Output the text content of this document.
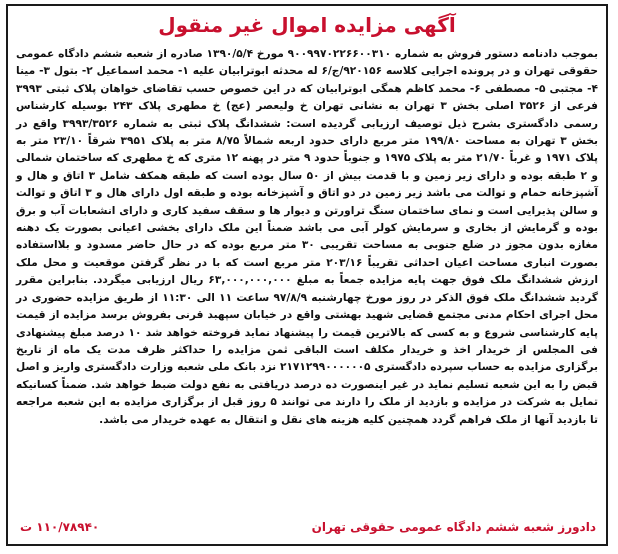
آگهی مزایده اموال غیر منقول
بموجب دادنامه دستور فروش به شماره ۹۰۰۹۹۷۰۲۲۶۶۰۰۳۱۰ مورخ ۱۳۹۰/۵/۴ صادره از شعبه ششم دادگاه عمومی حقوقی تهران و در پرونده اجرایی کلاسه ۹۲۰۱۵۶/ج/۶ له محدثه ابوترابیان علیه ۱- محمد اسماعیل ۲- بتول ۳- مینا ۴- مجتبی ۵- مصطفی ۶- محمد کاظم همگی ابوترابیان که در این خصوص حسب تقاضای خواهان پلاک ثبتی ۳۹۹۳ فرعی از ۳۵۲۶ اصلی بخش ۳ تهران به نشانی تهران خ ولیعصر (عج) خ مطهری پلاک ۲۴۳ بوسیله کارشناس رسمی دادگستری بشرح ذیل توصیف ارزیابی گردیده است: ششدانگ پلاک ثبتی به شماره ۳۹۹۳/۳۵۲۶ واقع در بخش ۳ تهران به مساحت ۱۹۹/۸۰ متر مربع دارای حدود اربعه شمالاً ۸/۷۵ متر به پلاک ۳۹۵۱ شرقاً ۲۳/۱۰ متر به پلاک ۱۹۷۱ و غرباً ۲۱/۷۰ متر به پلاک ۱۹۷۵ و جنوباً حدود ۹ متر در پهنه ۱۲ متری که خ مطهری که ساختمان شمالی و ۲ طبقه بوده و دارای زیر زمین و با قدمت بیش از ۵۰ سال بوده است که طبقه همکف شامل ۳ اتاق و هال و آشپزخانه حمام و توالت می باشد زیر زمین در دو اتاق و آشپزخانه بوده و طبقه اول دارای هال و ۳ اتاق و توالت و سالن پذیرایی است و نمای ساختمان سنگ تراورتن و دیوار ها و سقف سفید کاری و دارای انشعابات آب و برق بوده و گرمایش از بخاری و سرمایش کولر آبی می باشد ضمناً این ملک دارای بخشی اعیانی بصورت یک دهنه مغازه بدون مجوز در ضلع جنوبی به مساحت تقریبی ۳۰ متر مربع بوده که در حال حاضر مسدود و بلااستفاده بصورت انباری مساحت اعیان احداثی تقریباً ۲۰۳/۱۶ متر مربع است که با در نظر گرفتن موقعیت و محل ملک ارزش ششدانگ ملک فوق جهت پایه مزایده جمعاً به مبلغ ۶۳,۰۰۰,۰۰۰,۰۰۰ ریال ارزیابی میگردد. بنابراین مقرر گردید ششدانگ ملک فوق الذکر در روز مورخ چهارشنبه ۹۷/۸/۹ ساعت ۱۱ الی ۱۱:۳۰ از طریق مزایده حضوری در محل اجرای احکام مدنی مجتمع قضایی شهید بهشتی واقع در خیابان سپهبد قرنی بفروش برسد مزایده از قیمت پایه کارشناسی شروع و به کسی که بالاترین قیمت را پیشنهاد نماید فروخته خواهد شد ۱۰ درصد مبلغ پیشنهادی فی المجلس از خریدار اخذ و خریدار مکلف است الباقی ثمن مزایده را حداکثر ظرف مدت یک ماه از تاریخ برگزاری مزایده به حساب سپرده دادگستری ۲۱۷۱۲۹۹۰۰۰۰۰۰۵ نزد بانک ملی شعبه وزارت دادگستری واریز و اصل قبض را به این شعبه تسلیم نماید در غیر اینصورت ده درصد دریافتی به نفع دولت ضبط خواهد شد. ضمناً کسانیکه تمایل به شرکت در مزایده و بازدید از ملک را دارند می توانند ۵ روز قبل از برگزاری مزایده به این شعبه مراجعه تا بازدید آنها از ملک فراهم گردد همچنین کلیه هزینه های نقل و انتقال به عهده خریدار می باشد.
دادورز شعبه ششم دادگاه عمومی حقوقی تهران
۱۱۰/۷۸۹۴۰ ت
